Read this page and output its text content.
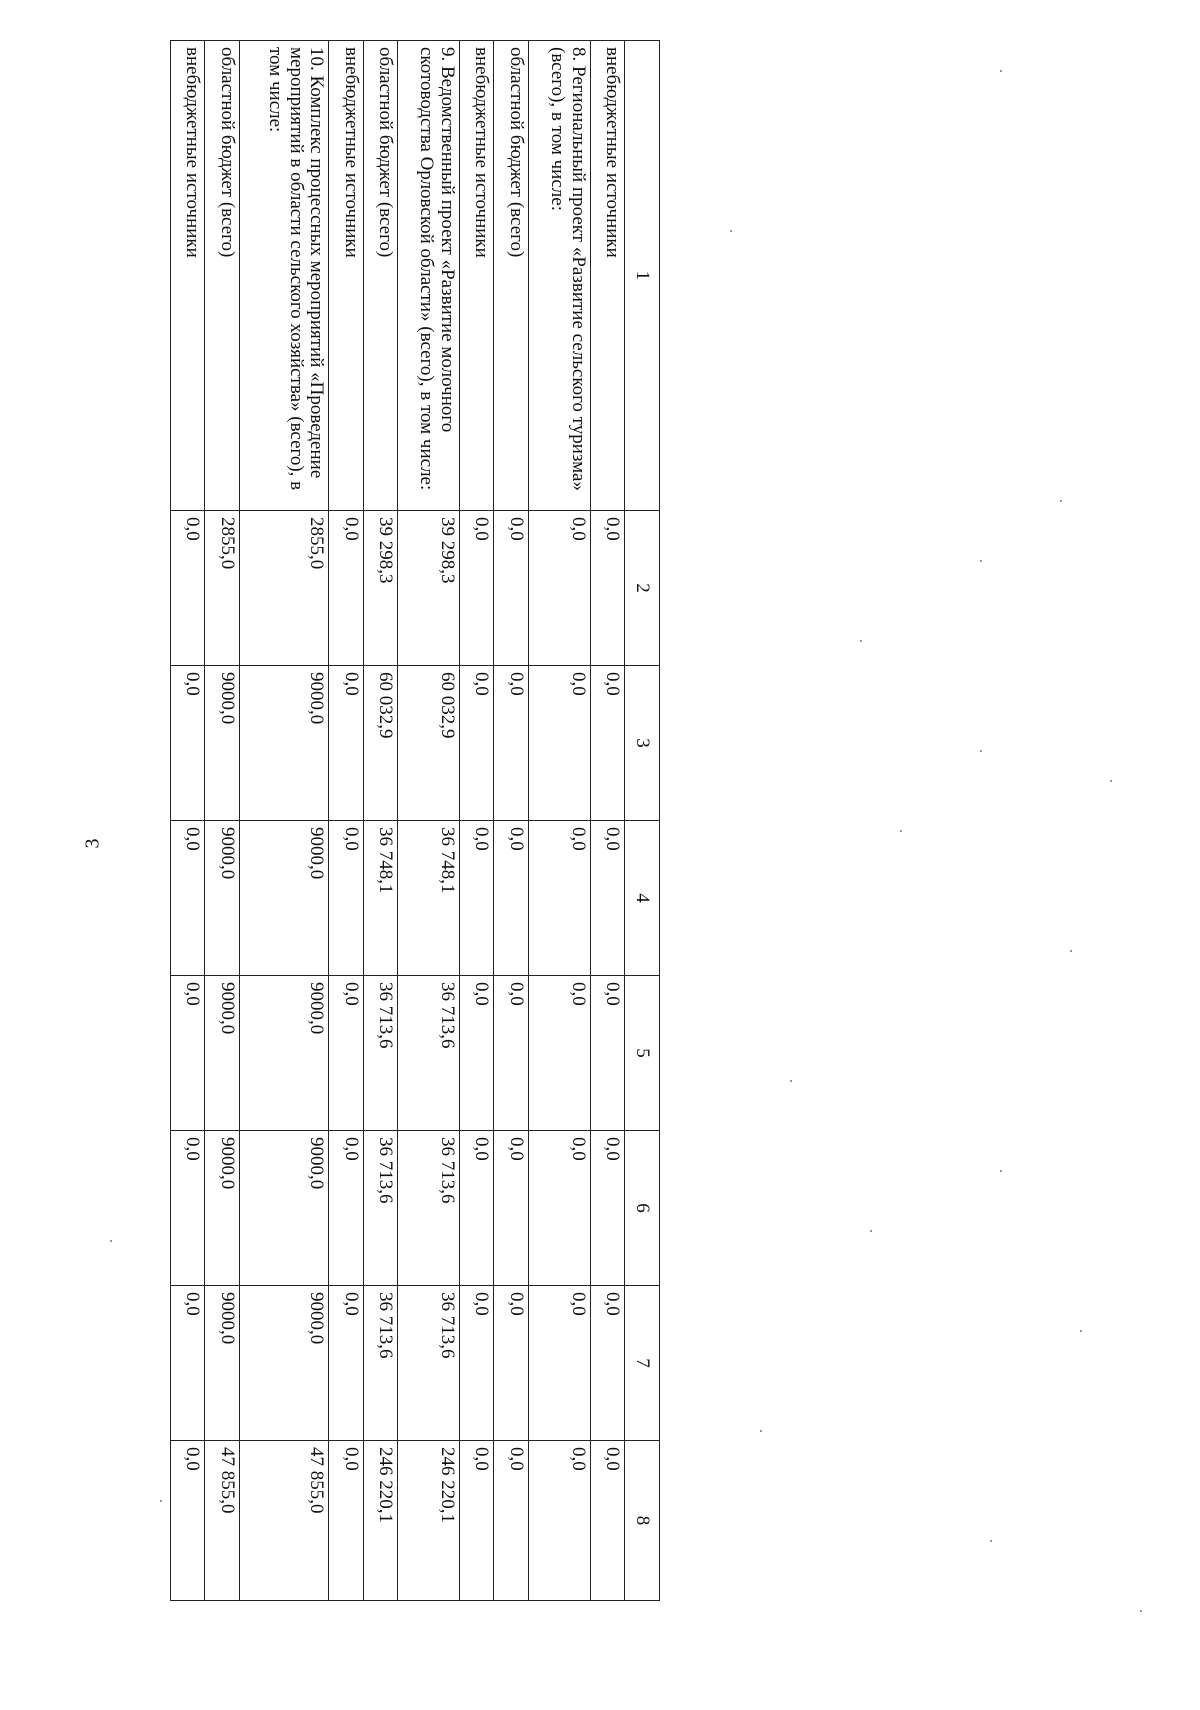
3
1	2	3	4	5	6	7	8
внебюджетные источники	0,0	0,0	0,0	0,0	0,0	0,0	0,0
8. Региональный проект «Развитие сельского туризма» (всего), в том числе:	0,0	0,0	0,0	0,0	0,0	0,0	0,0
областной бюджет (всего)	0,0	0,0	0,0	0,0	0,0	0,0	0,0
внебюджетные источники	0,0	0,0	0,0	0,0	0,0	0,0	0,0
9. Ведомственный проект «Развитие молочного скотоводства Орловской области» (всего), в том числе:	39 298,3	60 032,9	36 748,1	36 713,6	36 713,6	36 713,6	246 220,1
областной бюджет (всего)	39 298,3	60 032,9	36 748,1	36 713,6	36 713,6	36 713,6	246 220,1
внебюджетные источники	0,0	0,0	0,0	0,0	0,0	0,0	0,0
10. Комплекс процессных мероприятий «Проведение мероприятий в области сельского хозяйства» (всего), в том числе:	2855,0	9000,0	9000,0	9000,0	9000,0	9000,0	47 855,0
областной бюджет (всего)	2855,0	9000,0	9000,0	9000,0	9000,0	9000,0	47 855,0
внебюджетные источники	0,0	0,0	0,0	0,0	0,0	0,0	0,0
